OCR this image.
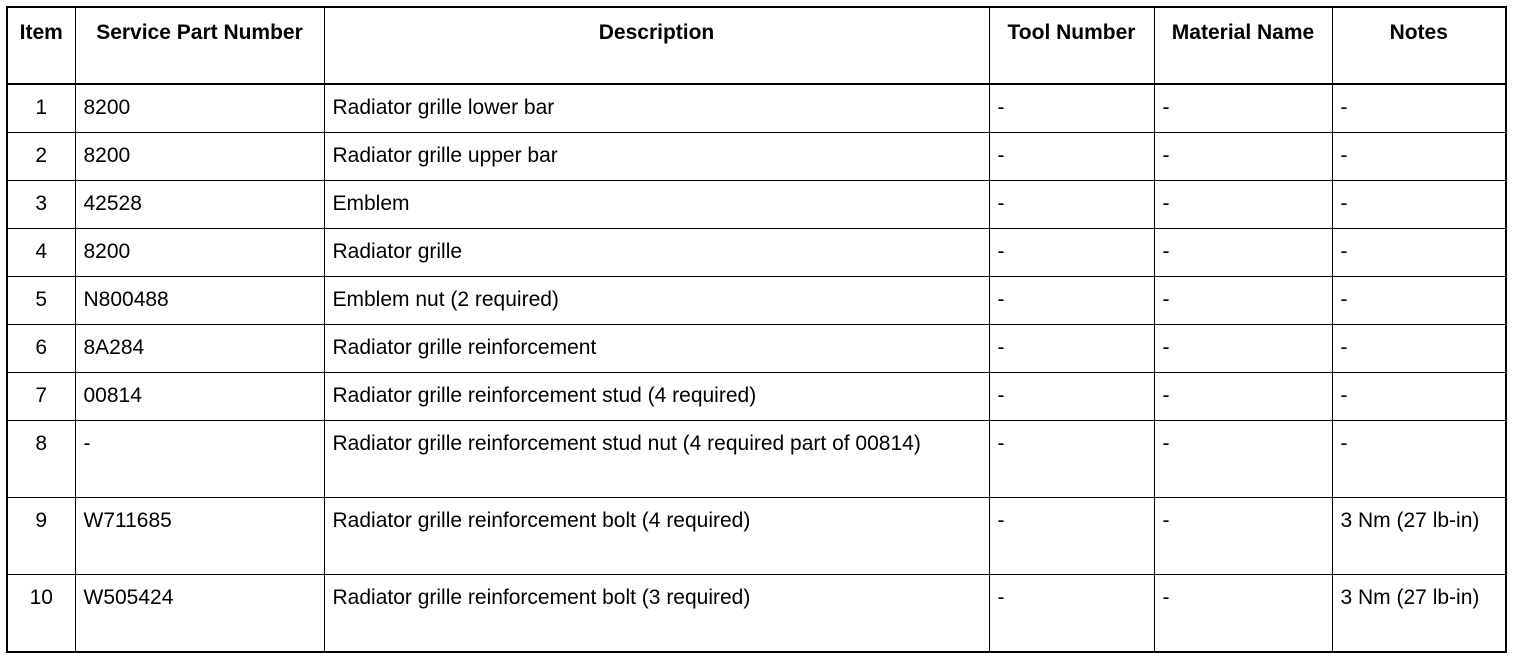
Item	Service Part Number	Description	Tool Number	Material Name	Notes
1	8200	Radiator grille lower bar	-	-	-
2	8200	Radiator grille upper bar	-	-	-
3	42528	Emblem	-	-	-
4	8200	Radiator grille	-	-	-
5	N800488	Emblem nut (2 required)	-	-	-
6	8A284	Radiator grille reinforcement	-	-	-
7	00814	Radiator grille reinforcement stud (4 required)	-	-	-
8	-	Radiator grille reinforcement stud nut (4 required part of 00814)	-	-	-
9	W711685	Radiator grille reinforcement bolt (4 required)	-	-	3 Nm (27 lb-in)
10	W505424	Radiator grille reinforcement bolt (3 required)	-	-	3 Nm (27 lb-in)
